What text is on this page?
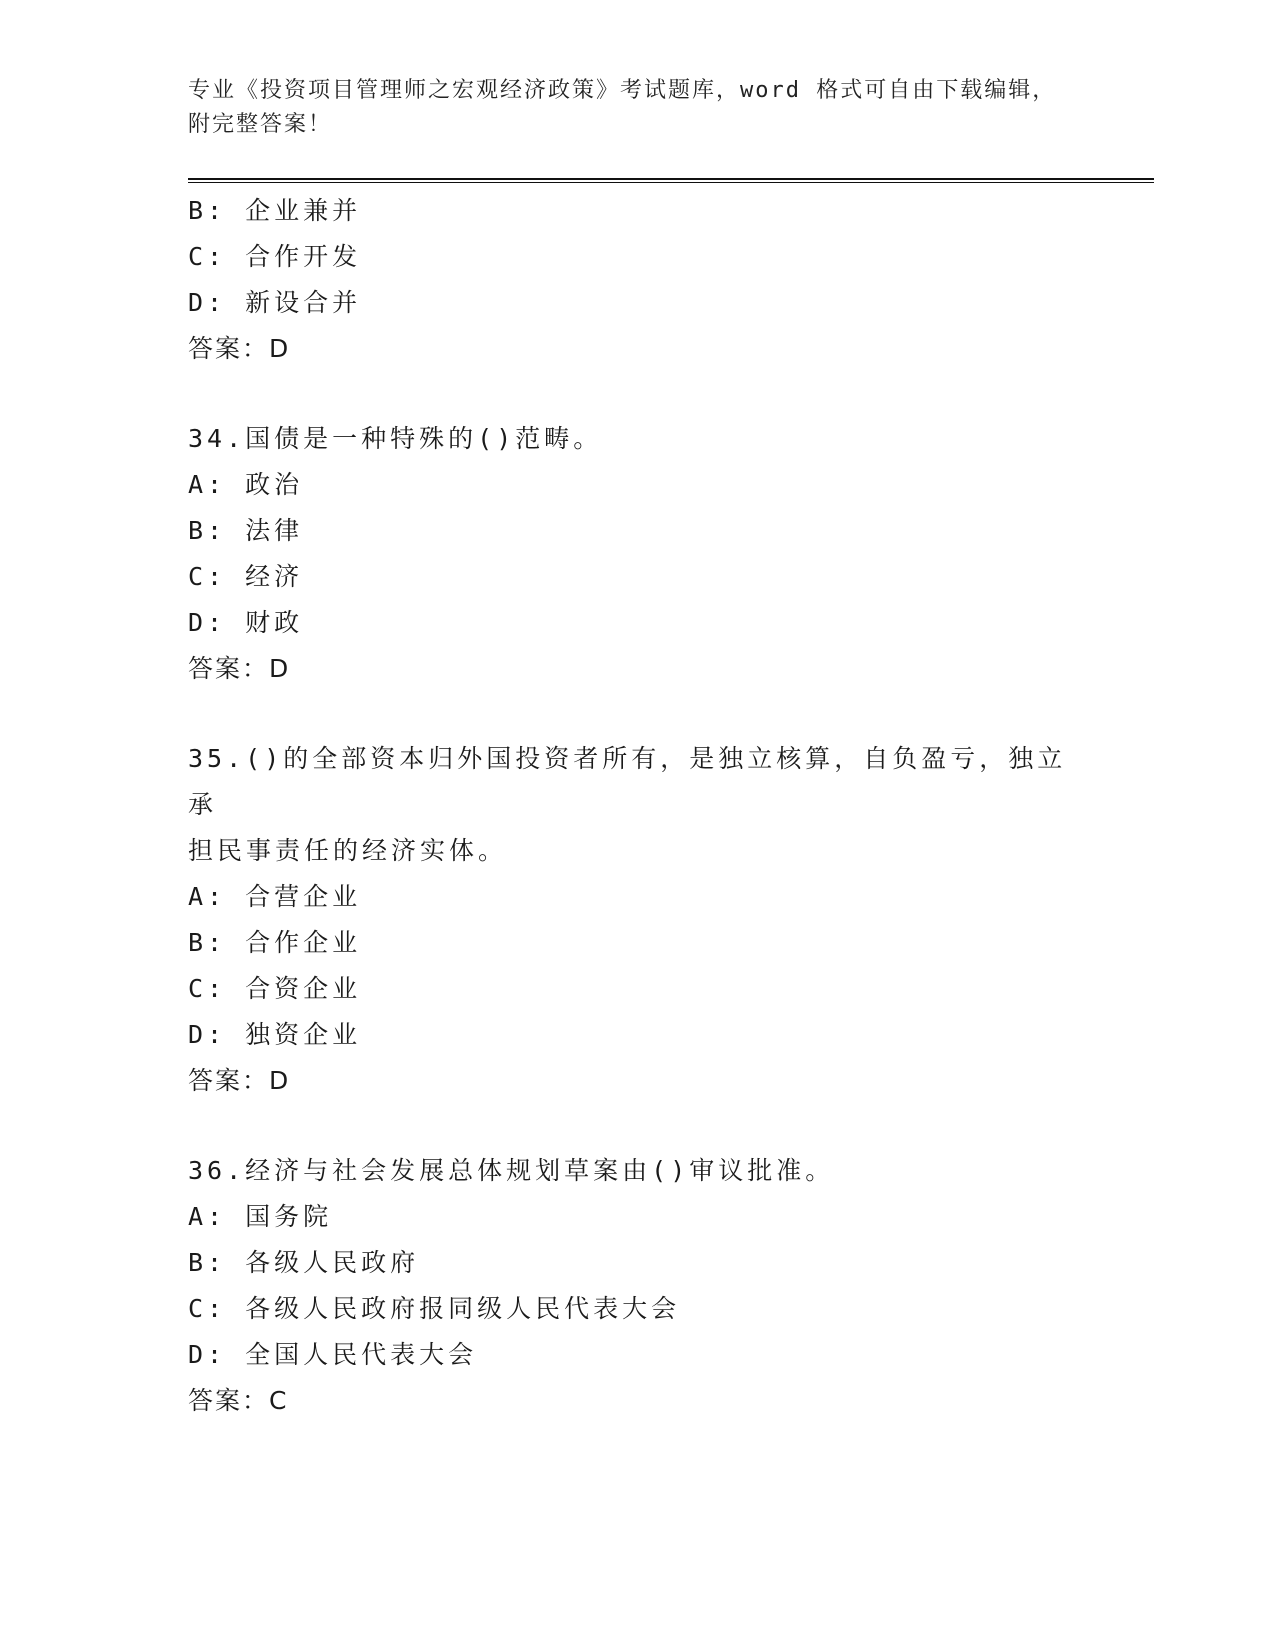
专业《投资项目管理师之宏观经济政策》考试题库，word 格式可自由下载编辑，
附完整答案！
B: 企业兼并
C: 合作开发
D: 新设合并
答案：D
34.国债是一种特殊的()范畴。
A: 政治
B: 法律
C: 经济
D: 财政
答案：D
35.()的全部资本归外国投资者所有，是独立核算，自负盈亏，独立承
担民事责任的经济实体。
A: 合营企业
B: 合作企业
C: 合资企业
D: 独资企业
答案：D
36.经济与社会发展总体规划草案由()审议批准。
A: 国务院
B: 各级人民政府
C: 各级人民政府报同级人民代表大会
D: 全国人民代表大会
答案：C
